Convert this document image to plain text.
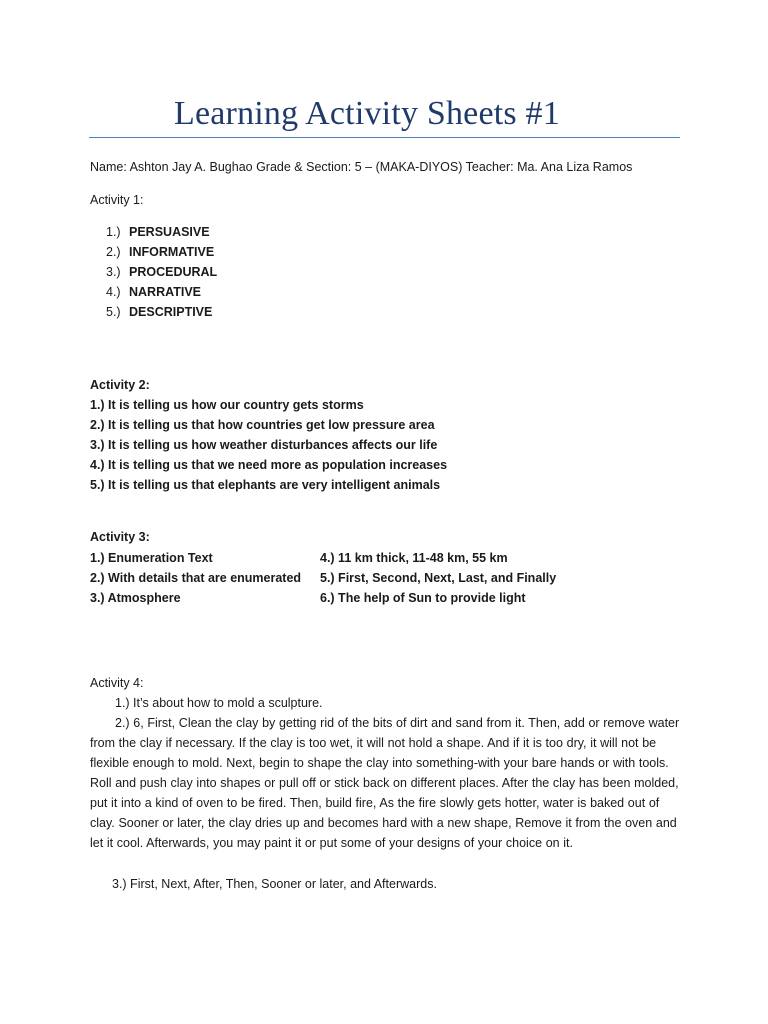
Learning Activity Sheets #1
Name: Ashton Jay A. Bughao Grade & Section: 5 – (MAKA-DIYOS) Teacher: Ma. Ana Liza Ramos
Activity 1:
1.) PERSUASIVE
2.) INFORMATIVE
3.) PROCEDURAL
4.) NARRATIVE
5.) DESCRIPTIVE
Activity 2:
1.) It is telling us how our country gets storms
2.) It is telling us that how countries get low pressure area
3.) It is telling us how weather disturbances affects our life
4.) It is telling us that we need more as population increases
5.) It is telling us that elephants are very intelligent animals
Activity 3:
1.) Enumeration Text
2.) With details that are enumerated
3.) Atmosphere
4.) 11 km thick, 11-48 km, 55 km
5.) First, Second, Next, Last, and Finally
6.) The help of Sun to provide light
Activity 4:
1.) It’s about how to mold a sculpture.
2.) 6, First, Clean the clay by getting rid of the bits of dirt and sand from it. Then, add or remove water from the clay if necessary. If the clay is too wet, it will not hold a shape. And if it is too dry, it will not be flexible enough to mold. Next, begin to shape the clay into something-with your bare hands or with tools. Roll and push clay into shapes or pull off or stick back on different places. After the clay has been molded, put it into a kind of oven to be fired. Then, build fire, As the fire slowly gets hotter, water is baked out of clay. Sooner or later, the clay dries up and becomes hard with a new shape, Remove it from the oven and let it cool. Afterwards, you may paint it or put some of your designs of your choice on it.
3.) First, Next, After, Then, Sooner or later, and Afterwards.
